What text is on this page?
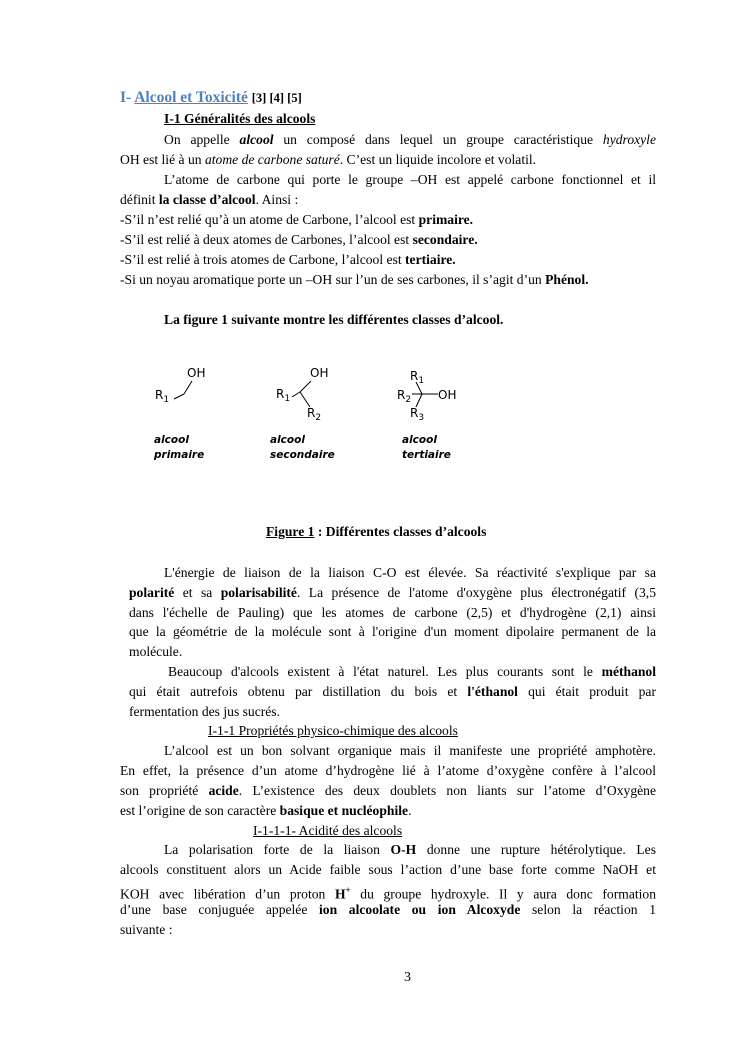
I- Alcool et Toxicité [3] [4] [5]
I-1 Généralités des alcools
On appelle alcool un composé dans lequel un groupe caractéristique hydroxyle
OH est lié à un atome de carbone saturé. C’est un liquide incolore et volatil.
L’atome de carbone qui porte le groupe –OH est appelé carbone fonctionnel et il
définit la classe d’alcool. Ainsi :
-S’il n’est relié qu’à un atome de Carbone, l’alcool est primaire.
-S’il est relié à deux atomes de Carbones, l’alcool est secondaire.
-S’il est relié à trois atomes de Carbone, l’alcool est tertiaire.
-Si un noyau aromatique porte un –OH sur l’un de ses carbones, il s’agit d’un Phénol.
La figure 1 suivante montre les différentes classes d’alcool.
OH
$R_1$
OH
$R_1$
$R_2$
$R_1$
$R_2$ OH
$R_3$
alcool
primaire
alcool
secondaire
alcool
tertiaire
Figure 1 : Différentes classes d’alcools
L'énergie de liaison de la liaison C-O est élevée. Sa réactivité s'explique par sa
polarité et sa polarisabilité. La présence de l'atome d'oxygène plus électronégatif (3,5
dans l'échelle de Pauling) que les atomes de carbone (2,5) et d'hydrogène (2,1) ainsi
que la géométrie de la molécule sont à l'origine d'un moment dipolaire permanent de la
molécule.
Beaucoup d'alcools existent à l'état naturel. Les plus courants sont le méthanol
qui était autrefois obtenu par distillation du bois et l'éthanol qui était produit par
fermentation des jus sucrés.
I-1-1 Propriétés physico-chimique des alcools
L’alcool est un bon solvant organique mais il manifeste une propriété amphotère.
En effet, la présence d’un atome d’hydrogène lié à l’atome d’oxygène confère à l’alcool
son propriété acide. L’existence des deux doublets non liants sur l’atome d’Oxygène
est l’origine de son caractère basique et nucléophile.
I-1-1-1- Acidité des alcools
La polarisation forte de la liaison O-H donne une rupture hétérolytique. Les
alcools constituent alors un Acide faible sous l’action d’une base forte comme NaOH et
KOH avec libération d’un proton H+ du groupe hydroxyle. Il y aura donc formation
d’une base conjuguée appelée ion alcoolate ou ion Alcoxyde selon la réaction 1
suivante :
3
